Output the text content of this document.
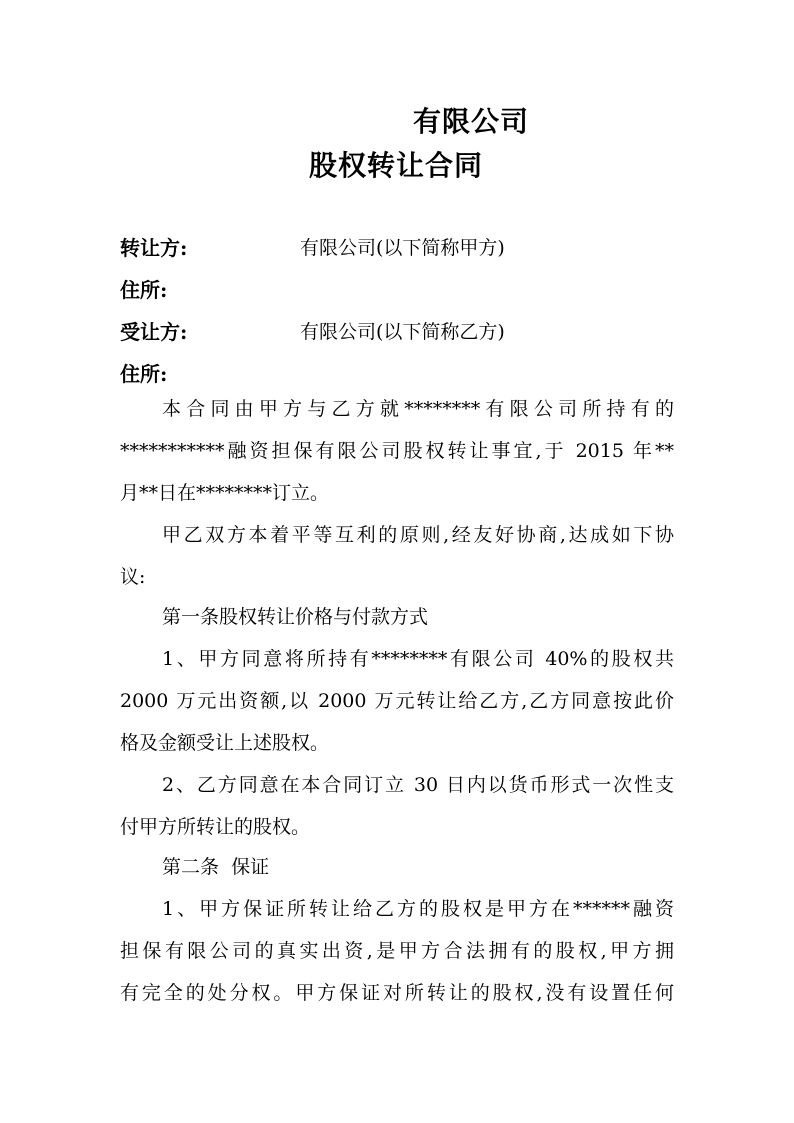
有限公司
股权转让合同
转让方:	有限公司(以下简称甲方)
住所:
受让方:	有限公司(以下简称乙方)
住所:
本合同由甲方与乙方就********有限公司所持有的
***********融资担保有限公司股权转让事宜,于 2015 年**
月**日在********订立。
甲乙双方本着平等互利的原则,经友好协商,达成如下协
议:
第一条股权转让价格与付款方式
1、甲方同意将所持有********有限公司 40%的股权共
2000 万元出资额,以 2000 万元转让给乙方,乙方同意按此价
格及金额受让上述股权。
2、乙方同意在本合同订立 30 日内以货币形式一次性支
付甲方所转让的股权。
第二条  保证
1、甲方保证所转让给乙方的股权是甲方在******融资
担保有限公司的真实出资,是甲方合法拥有的股权,甲方拥
有完全的处分权。甲方保证对所转让的股权,没有设置任何
